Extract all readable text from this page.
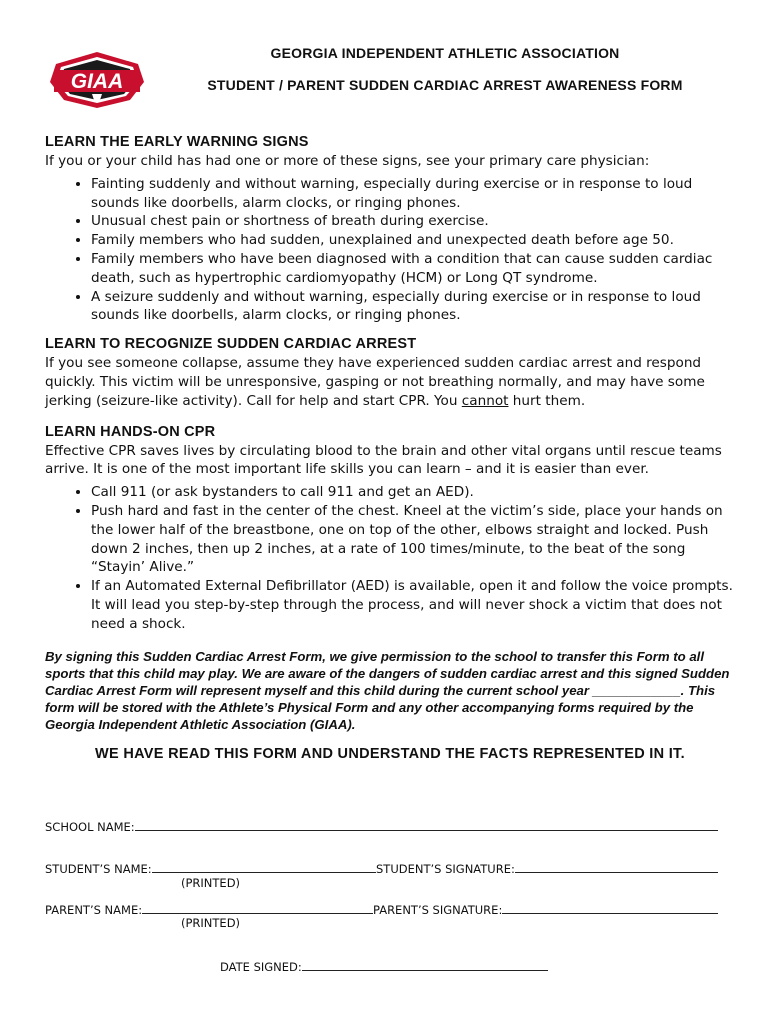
GIAA
GEORGIA INDEPENDENT ATHLETIC ASSOCIATION
STUDENT / PARENT SUDDEN CARDIAC ARREST AWARENESS FORM
LEARN THE EARLY WARNING SIGNS

If you or your child has had one or more of these signs, see your primary care physician:

• Fainting suddenly and without warning, especially during exercise or in response to loud sounds like doorbells, alarm clocks, or ringing phones.
• Unusual chest pain or shortness of breath during exercise.
• Family members who had sudden, unexplained and unexpected death before age 50.
• Family members who have been diagnosed with a condition that can cause sudden cardiac death, such as hypertrophic cardiomyopathy (HCM) or Long QT syndrome.
• A seizure suddenly and without warning, especially during exercise or in response to loud sounds like doorbells, alarm clocks, or ringing phones.
LEARN TO RECOGNIZE SUDDEN CARDIAC ARREST

If you see someone collapse, assume they have experienced sudden cardiac arrest and respond quickly. This victim will be unresponsive, gasping or not breathing normally, and may have some jerking (seizure-like activity). Call for help and start CPR. You cannot hurt them.

LEARN HANDS-ON CPR

Effective CPR saves lives by circulating blood to the brain and other vital organs until rescue teams arrive. It is one of the most important life skills you can learn – and it is easier than ever.

• Call 911 (or ask bystanders to call 911 and get an AED).
• Push hard and fast in the center of the chest. Kneel at the victim’s side, place your hands on the lower half of the breastbone, one on top of the other, elbows straight and locked. Push down 2 inches, then up 2 inches, at a rate of 100 times/minute, to the beat of the song “Stayin’ Alive.”
• If an Automated External Defibrillator (AED) is available, open it and follow the voice prompts. It will lead you step-by-step through the process, and will never shock a victim that does not need a shock.

By signing this Sudden Cardiac Arrest Form, we give permission to the school to transfer this Form to all sports that this child may play. We are aware of the dangers of sudden cardiac arrest and this signed Sudden Cardiac Arrest Form will represent myself and this child during the current school year ____________. This form will be stored with the Athlete’s Physical Form and any other accompanying forms required by the Georgia Independent Athletic Association (GIAA).

WE HAVE READ THIS FORM AND UNDERSTAND THE FACTS REPRESENTED IN IT.
SCHOOL NAME:
STUDENT’S NAME:	STUDENT’S SIGNATURE:
(PRINTED)
PARENT’S NAME:	PARENT’S SIGNATURE:
(PRINTED)
DATE SIGNED:
